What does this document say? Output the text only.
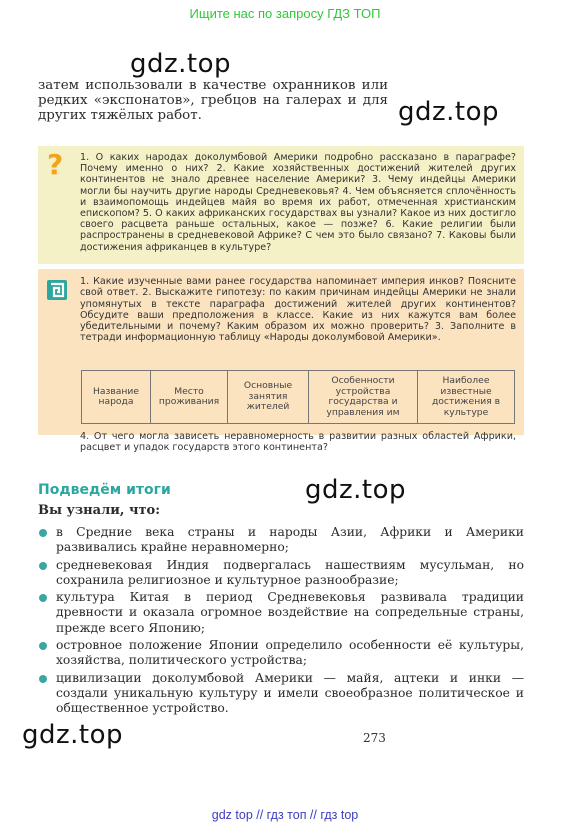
Ищите нас по запросу ГДЗ ТОП
gdz.top
gdz.top
gdz.top
gdz.top
затем использовали в качестве охранников или редких «экспонатов», гребцов на галерах и для других тяжёлых работ.
? 1. О каких народах доколумбовой Америки подробно рассказано в параграфе? Почему именно о них? 2. Какие хозяйственных достижений жителей других континентов не знало древнее население Америки? 3. Чему индейцы Америки могли бы научить другие народы Средневековья? 4. Чем объясняется сплочённость и взаимопомощь индейцев майя во время их работ, отмеченная христианским епископом? 5. О каких африканских государствах вы узнали? Какое из них достигло своего расцвета раньше остальных, какое — позже? 6. Какие религии были распространены в средневековой Африке? С чем это было связано? 7. Каковы были достижения африканцев в культуре?
1. Какие изученные вами ранее государства напоминает империя инков? Поясните свой ответ. 2. Выскажите гипотезу: по каким причинам индейцы Америки не знали упомянутых в тексте параграфа достижений жителей других континентов? Обсудите ваши предположения в классе. Какие из них кажутся вам более убедительными и почему? Каким образом их можно проверить? 3. Заполните в тетради информационную таблицу «Народы доколумбовой Америки».
Название народа	Место проживания	Основные занятия жителей	Особенности устройства государства и управления им	Наиболее известные достижения в культуре
4. От чего могла зависеть неравномерность в развитии разных областей Африки, расцвет и упадок государств этого континента?
Подведём итоги
Вы узнали, что:
в Средние века страны и народы Азии, Африки и Америки развивались крайне неравномерно;
средневековая Индия подвергалась нашествиям мусульман, но сохранила религиозное и культурное разнообразие;
культура Китая в период Средневековья развивала традиции древности и оказала огромное воздействие на сопредельные страны, прежде всего Японию;
островное положение Японии определило особенности её культуры, хозяйства, политического устройства;
цивилизации доколумбовой Америки — майя, ацтеки и инки — создали уникальную культуру и имели своеобразное политическое и общественное устройство.
273
gdz top // гдз топ // гдз top
